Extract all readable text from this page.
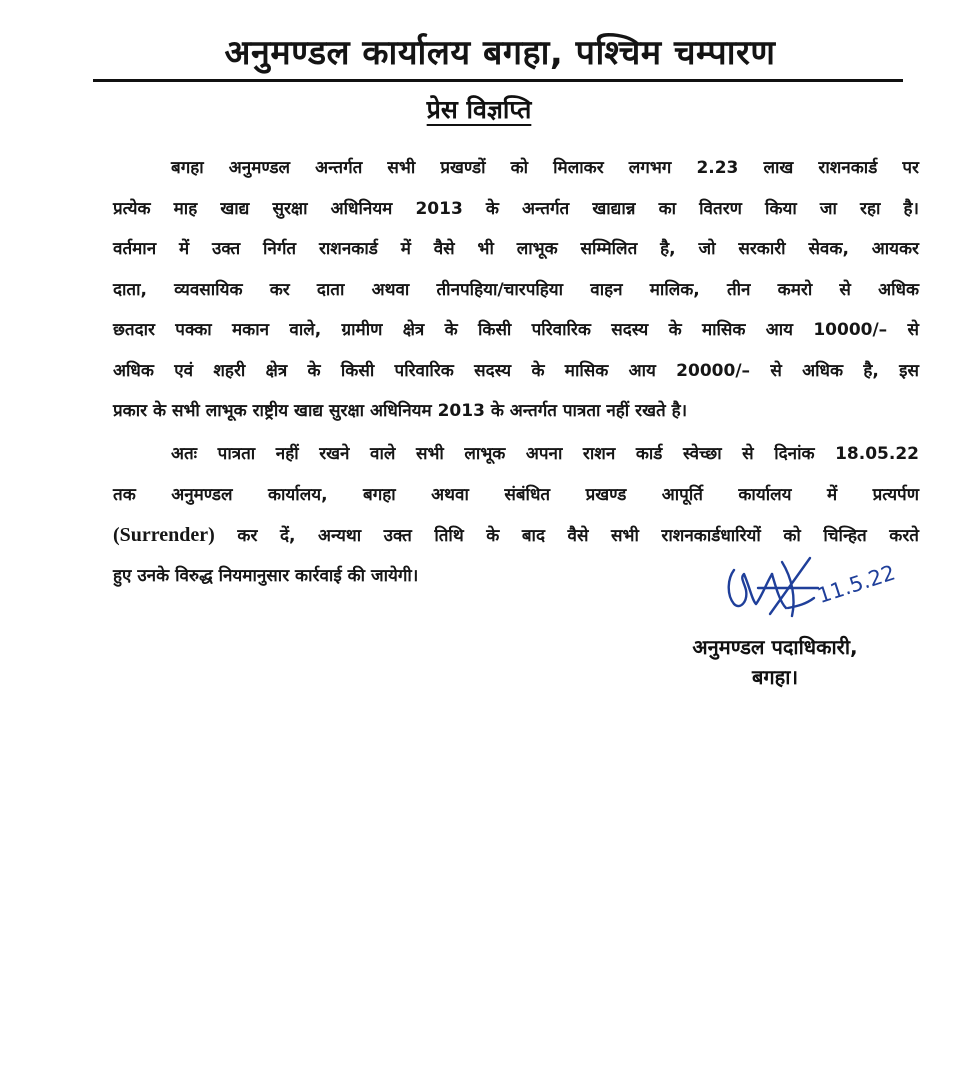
अनुमण्डल कार्यालय बगहा, पश्चिम चम्पारण
प्रेस विज्ञप्ति
बगहा अनुमण्डल अन्तर्गत सभी प्रखण्डों को मिलाकर लगभग 2.23 लाख राशनकार्ड पर
प्रत्येक माह खाद्य सुरक्षा अधिनियम 2013 के अन्तर्गत खाद्यान्न का वितरण किया जा रहा है।
वर्तमान में उक्त निर्गत राशनकार्ड में वैसे भी लाभूक सम्मिलित है, जो सरकारी सेवक, आयकर
दाता, व्यवसायिक कर दाता अथवा तीनपहिया/चारपहिया वाहन मालिक, तीन कमरो से अधिक
छतदार पक्का मकान वाले, ग्रामीण क्षेत्र के किसी परिवारिक सदस्य के मासिक आय 10000/– से
अधिक एवं शहरी क्षेत्र के किसी परिवारिक सदस्य के मासिक आय 20000/– से अधिक है, इस
प्रकार के सभी लाभूक राष्ट्रीय खाद्य सुरक्षा अधिनियम 2013 के अन्तर्गत पात्रता नहीं रखते है।
अतः पात्रता नहीं रखने वाले सभी लाभूक अपना राशन कार्ड स्वेच्छा से दिनांक 18.05.22
तक अनुमण्डल कार्यालय, बगहा अथवा संबंधित प्रखण्ड आपूर्ति कार्यालय में प्रत्यर्पण
(Surrender) कर दें, अन्यथा उक्त तिथि के बाद वैसे सभी राशनकार्डधारियों को चिन्हित करते
हुए उनके विरुद्ध नियमानुसार कार्रवाई की जायेगी।	11.5.22
अनुमण्डल पदाधिकारी,
बगहा।
